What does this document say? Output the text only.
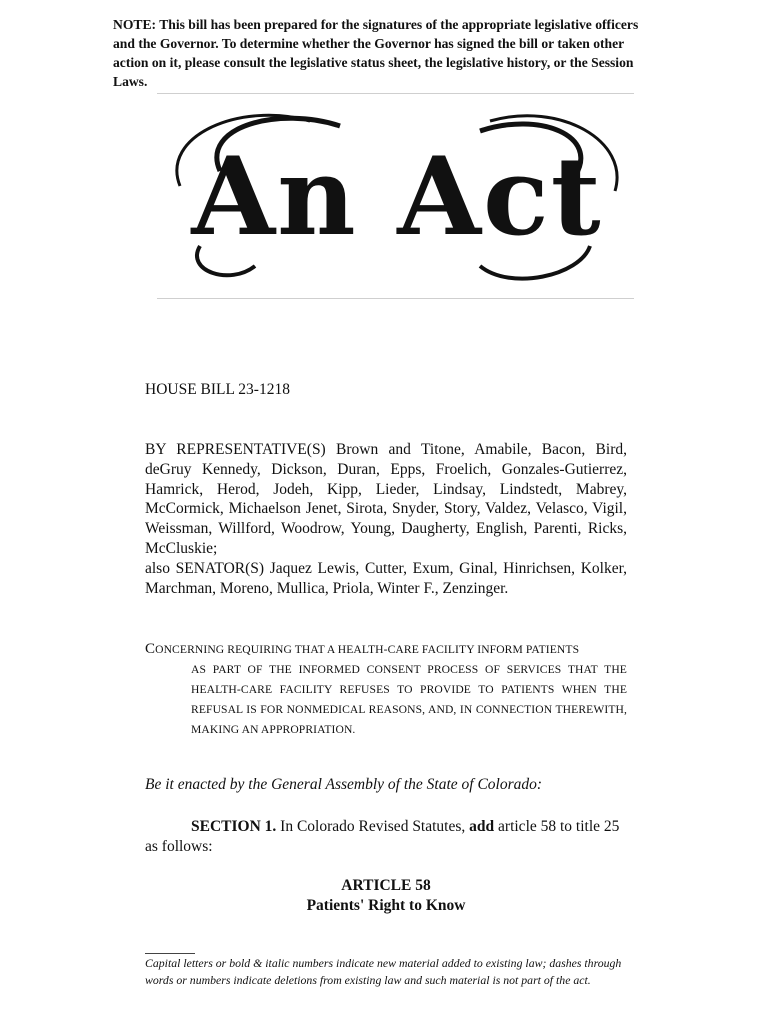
NOTE: This bill has been prepared for the signatures of the appropriate legislative officers and the Governor. To determine whether the Governor has signed the bill or taken other action on it, please consult the legislative status sheet, the legislative history, or the Session Laws.
An Act
HOUSE BILL 23-1218

BY REPRESENTATIVE(S) Brown and Titone, Amabile, Bacon, Bird, deGruy Kennedy, Dickson, Duran, Epps, Froelich, Gonzales-Gutierrez, Hamrick, Herod, Jodeh, Kipp, Lieder, Lindsay, Lindstedt, Mabrey, McCormick, Michaelson Jenet, Sirota, Snyder, Story, Valdez, Velasco, Vigil, Weissman, Willford, Woodrow, Young, Daugherty, English, Parenti, Ricks, McCluskie;

also SENATOR(S) Jaquez Lewis, Cutter, Exum, Ginal, Hinrichsen, Kolker, Marchman, Moreno, Mullica, Priola, Winter F., Zenzinger.

CONCERNING REQUIRING THAT A HEALTH-CARE FACILITY INFORM PATIENTS
AS PART OF THE INFORMED CONSENT PROCESS OF SERVICES THAT THE HEALTH-CARE FACILITY REFUSES TO PROVIDE TO PATIENTS WHEN THE REFUSAL IS FOR NONMEDICAL REASONS, AND, IN CONNECTION THEREWITH, MAKING AN APPROPRIATION.
Be it enacted by the General Assembly of the State of Colorado:
SECTION 1. In Colorado Revised Statutes, add article 58 to title 25 as follows:
ARTICLE 58
Patients' Right to Know
Capital letters or bold & italic numbers indicate new material added to existing law; dashes through words or numbers indicate deletions from existing law and such material is not part of the act.
